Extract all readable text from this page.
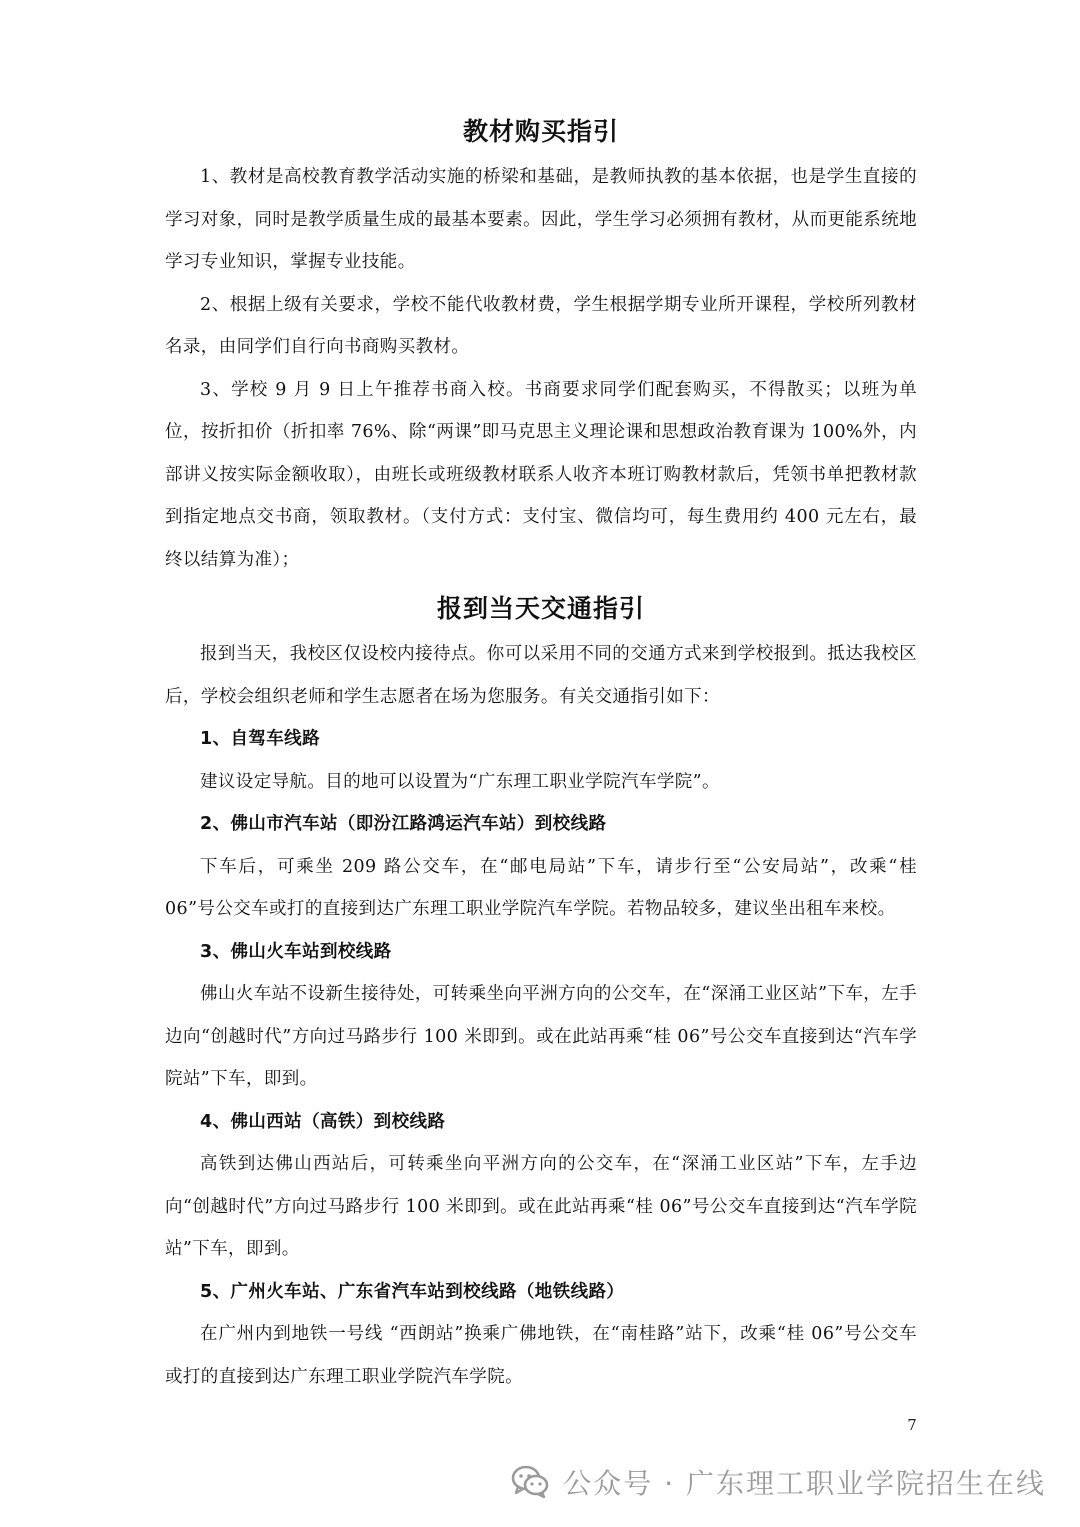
教材购买指引

1、教材是高校教育教学活动实施的桥梁和基础，是教师执教的基本依据，也是学生直接的学习对象，同时是教学质量生成的最基本要素。因此，学生学习必须拥有教材，从而更能系统地学习专业知识，掌握专业技能。

2、根据上级有关要求，学校不能代收教材费，学生根据学期专业所开课程，学校所列教材名录，由同学们自行向书商购买教材。

3、学校 9 月 9 日上午推荐书商入校。书商要求同学们配套购买，不得散买；以班为单位，按折扣价（折扣率 76%、除“两课”即马克思主义理论课和思想政治教育课为 100%外，内部讲义按实际金额收取），由班长或班级教材联系人收齐本班订购教材款后，凭领书单把教材款到指定地点交书商，领取教材。（支付方式：支付宝、微信均可，每生费用约 400 元左右，最终以结算为准）；

报到当天交通指引

报到当天，我校区仅设校内接待点。你可以采用不同的交通方式来到学校报到。抵达我校区后，学校会组织老师和学生志愿者在场为您服务。有关交通指引如下：

1、自驾车线路

建议设定导航。目的地可以设置为“广东理工职业学院汽车学院”。

2、佛山市汽车站（即汾江路鸿运汽车站）到校线路

下车后，可乘坐 209 路公交车，在“邮电局站”下车，请步行至“公安局站”，改乘“桂 06”号公交车或打的直接到达广东理工职业学院汽车学院。若物品较多，建议坐出租车来校。

3、佛山火车站到校线路

佛山火车站不设新生接待处，可转乘坐向平洲方向的公交车，在“深涌工业区站”下车，左手边向“创越时代”方向过马路步行 100 米即到。或在此站再乘“桂 06”号公交车直接到达“汽车学院站”下车，即到。

4、佛山西站（高铁）到校线路

高铁到达佛山西站后，可转乘坐向平洲方向的公交车，在“深涌工业区站”下车，左手边向“创越时代”方向过马路步行 100 米即到。或在此站再乘“桂 06”号公交车直接到达“汽车学院站”下车，即到。

5、广州火车站、广东省汽车站到校线路（地铁线路）

在广州内到地铁一号线 “西朗站”换乘广佛地铁，在“南桂路”站下，改乘“桂 06”号公交车或打的直接到达广东理工职业学院汽车学院。

7
公众号 · 广东理工职业学院招生在线
